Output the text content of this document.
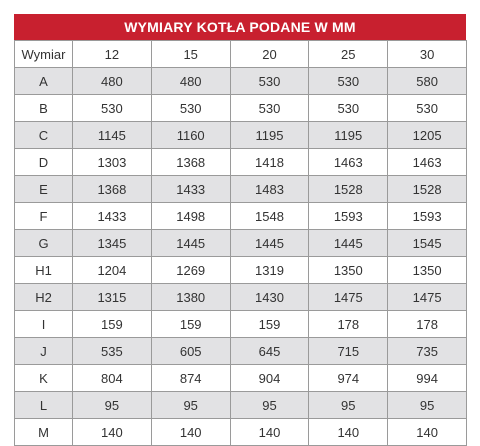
WYMIARY KOTŁA PODANE W MM
Wymiar	12	15	20	25	30
A	480	480	530	530	580
B	530	530	530	530	530
C	1145	1160	1195	1195	1205
D	1303	1368	1418	1463	1463
E	1368	1433	1483	1528	1528
F	1433	1498	1548	1593	1593
G	1345	1445	1445	1445	1545
H1	1204	1269	1319	1350	1350
H2	1315	1380	1430	1475	1475
I	159	159	159	178	178
J	535	605	645	715	735
K	804	874	904	974	994
L	95	95	95	95	95
M	140	140	140	140	140
